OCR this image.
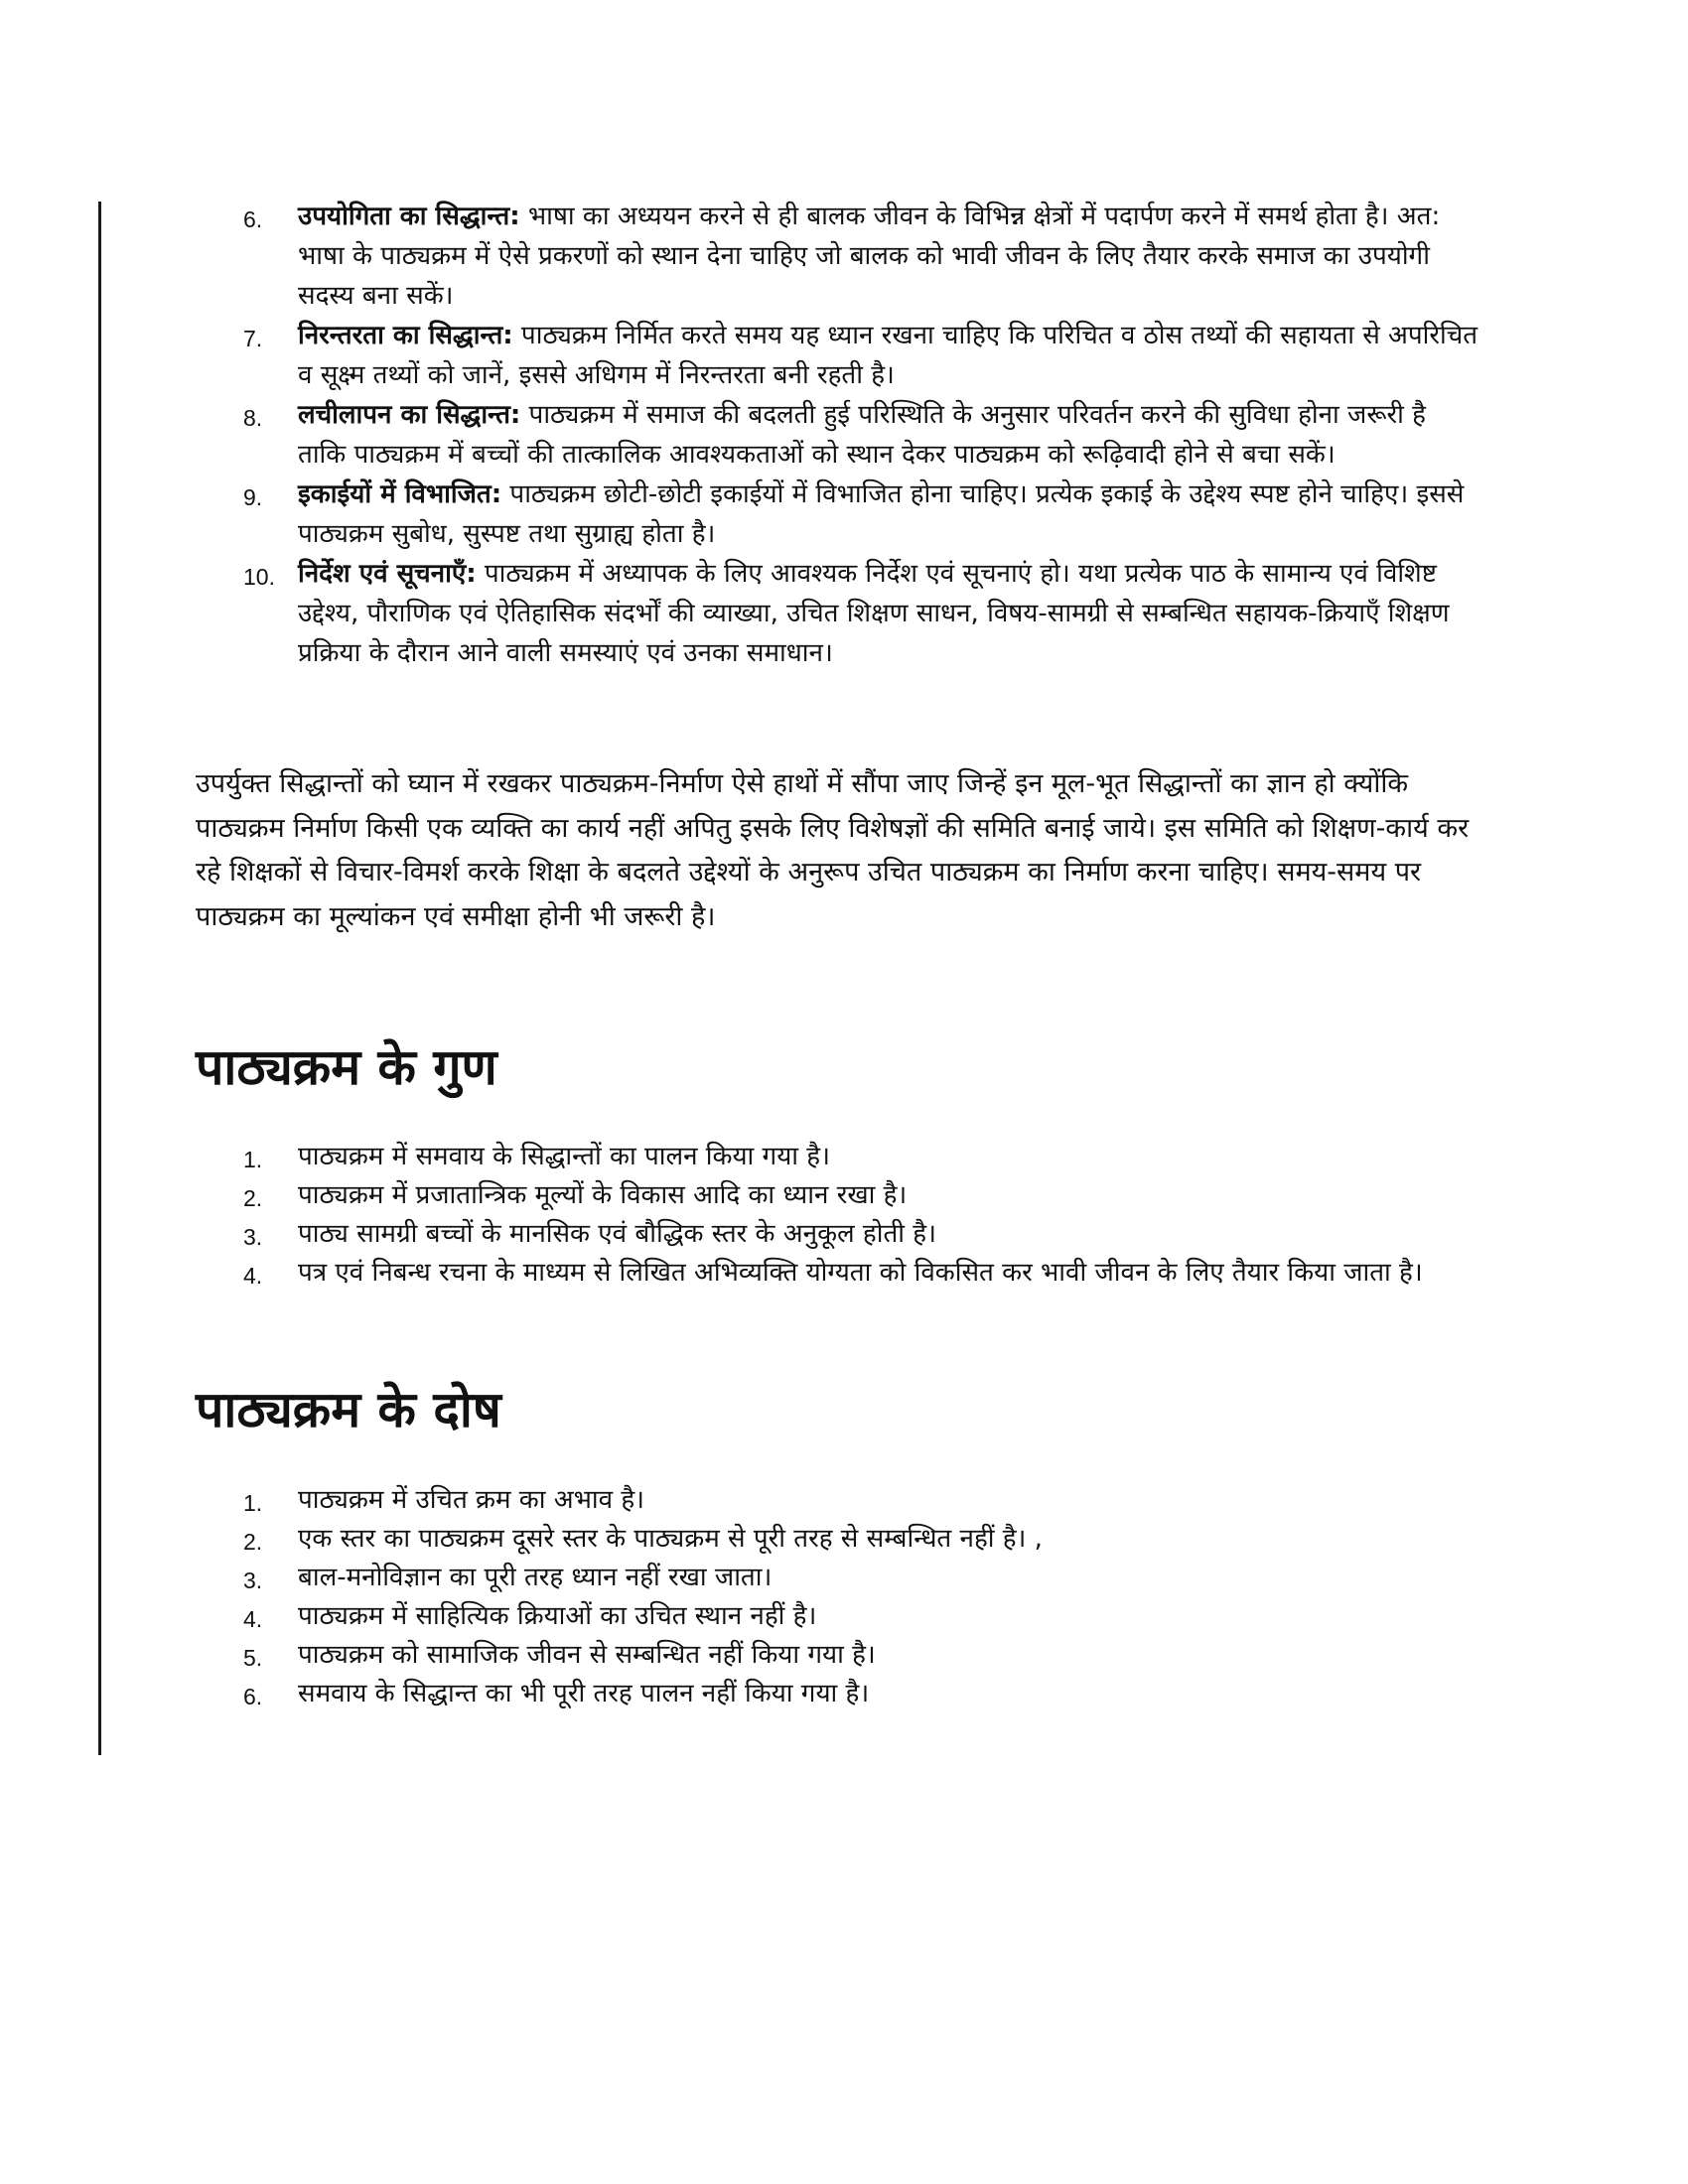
6.	उपयोगिता का सिद्धान्त: भाषा का अध्ययन करने से ही बालक जीवन के विभिन्न क्षेत्रों में पदार्पण करने में समर्थ होता है। अत: भाषा के पाठ्यक्रम में ऐसे प्रकरणों को स्थान देना चाहिए जो बालक को भावी जीवन के लिए तैयार करके समाज का उपयोगी सदस्य बना सकें।
7.	निरन्तरता का सिद्धान्त: पाठ्यक्रम निर्मित करते समय यह ध्यान रखना चाहिए कि परिचित व ठोस तथ्यों की सहायता से अपरिचित व सूक्ष्म तथ्यों को जानें, इससे अधिगम में निरन्तरता बनी रहती है।
8.	लचीलापन का सिद्धान्त: पाठ्यक्रम में समाज की बदलती हुई परिस्थिति के अनुसार परिवर्तन करने की सुविधा होना जरूरी है ताकि पाठ्यक्रम में बच्चों की तात्कालिक आवश्यकताओं को स्थान देकर पाठ्यक्रम को रूढ़िवादी होने से बचा सकें।
9.	इकाईयों में विभाजित: पाठ्यक्रम छोटी-छोटी इकाईयों में विभाजित होना चाहिए। प्रत्येक इकाई के उद्देश्य स्पष्ट होने चाहिए। इससे पाठ्यक्रम सुबोध, सुस्पष्ट तथा सुग्राह्य होता है।
10. निर्देश एवं सूचनाएँ: पाठ्यक्रम में अध्यापक के लिए आवश्यक निर्देश एवं सूचनाएं हो। यथा प्रत्येक पाठ के सामान्य एवं विशिष्ट उद्देश्य, पौराणिक एवं ऐतिहासिक संदर्भों की व्याख्या, उचित शिक्षण साधन, विषय-सामग्री से सम्बन्धित सहायक-क्रियाएँ शिक्षण प्रक्रिया के दौरान आने वाली समस्याएं एवं उनका समाधान।

उपर्युक्त सिद्धान्तों को घ्यान में रखकर पाठ्यक्रम-निर्माण ऐसे हाथों में सौंपा जाए जिन्हें इन मूल-भूत सिद्धान्तों का ज्ञान हो क्योंकि पाठ्यक्रम निर्माण किसी एक व्यक्ति का कार्य नहीं अपितु इसके लिए विशेषज्ञों की समिति बनाई जाये। इस समिति को शिक्षण-कार्य कर रहे शिक्षकों से विचार-विमर्श करके शिक्षा के बदलते उद्देश्यों के अनुरूप उचित पाठ्यक्रम का निर्माण करना चाहिए। समय-समय पर पाठ्यक्रम का मूल्यांकन एवं समीक्षा होनी भी जरूरी है।

पाठ्यक्रम के गुण
1.	पाठ्यक्रम में समवाय के सिद्धान्तों का पालन किया गया है।
2.	पाठ्यक्रम में प्रजातान्त्रिक मूल्यों के विकास आदि का ध्यान रखा है।
3.	पाठ्य सामग्री बच्चों के मानसिक एवं बौद्धिक स्तर के अनुकूल होती है।
4.	पत्र एवं निबन्ध रचना के माध्यम से लिखित अभिव्यक्ति योग्यता को विकसित कर भावी जीवन के लिए तैयार किया जाता है।
पाठ्यक्रम के दोष
1.	पाठ्यक्रम में उचित क्रम का अभाव है।
2.	एक स्तर का पाठ्यक्रम दूसरे स्तर के पाठ्यक्रम से पूरी तरह से सम्बन्धित नहीं है। ,
3.	बाल-मनोविज्ञान का पूरी तरह ध्यान नहीं रखा जाता।
4.	पाठ्यक्रम में साहित्यिक क्रियाओं का उचित स्थान नहीं है।
5.	पाठ्यक्रम को सामाजिक जीवन से सम्बन्धित नहीं किया गया है।
6.	समवाय के सिद्धान्त का भी पूरी तरह पालन नहीं किया गया है।
